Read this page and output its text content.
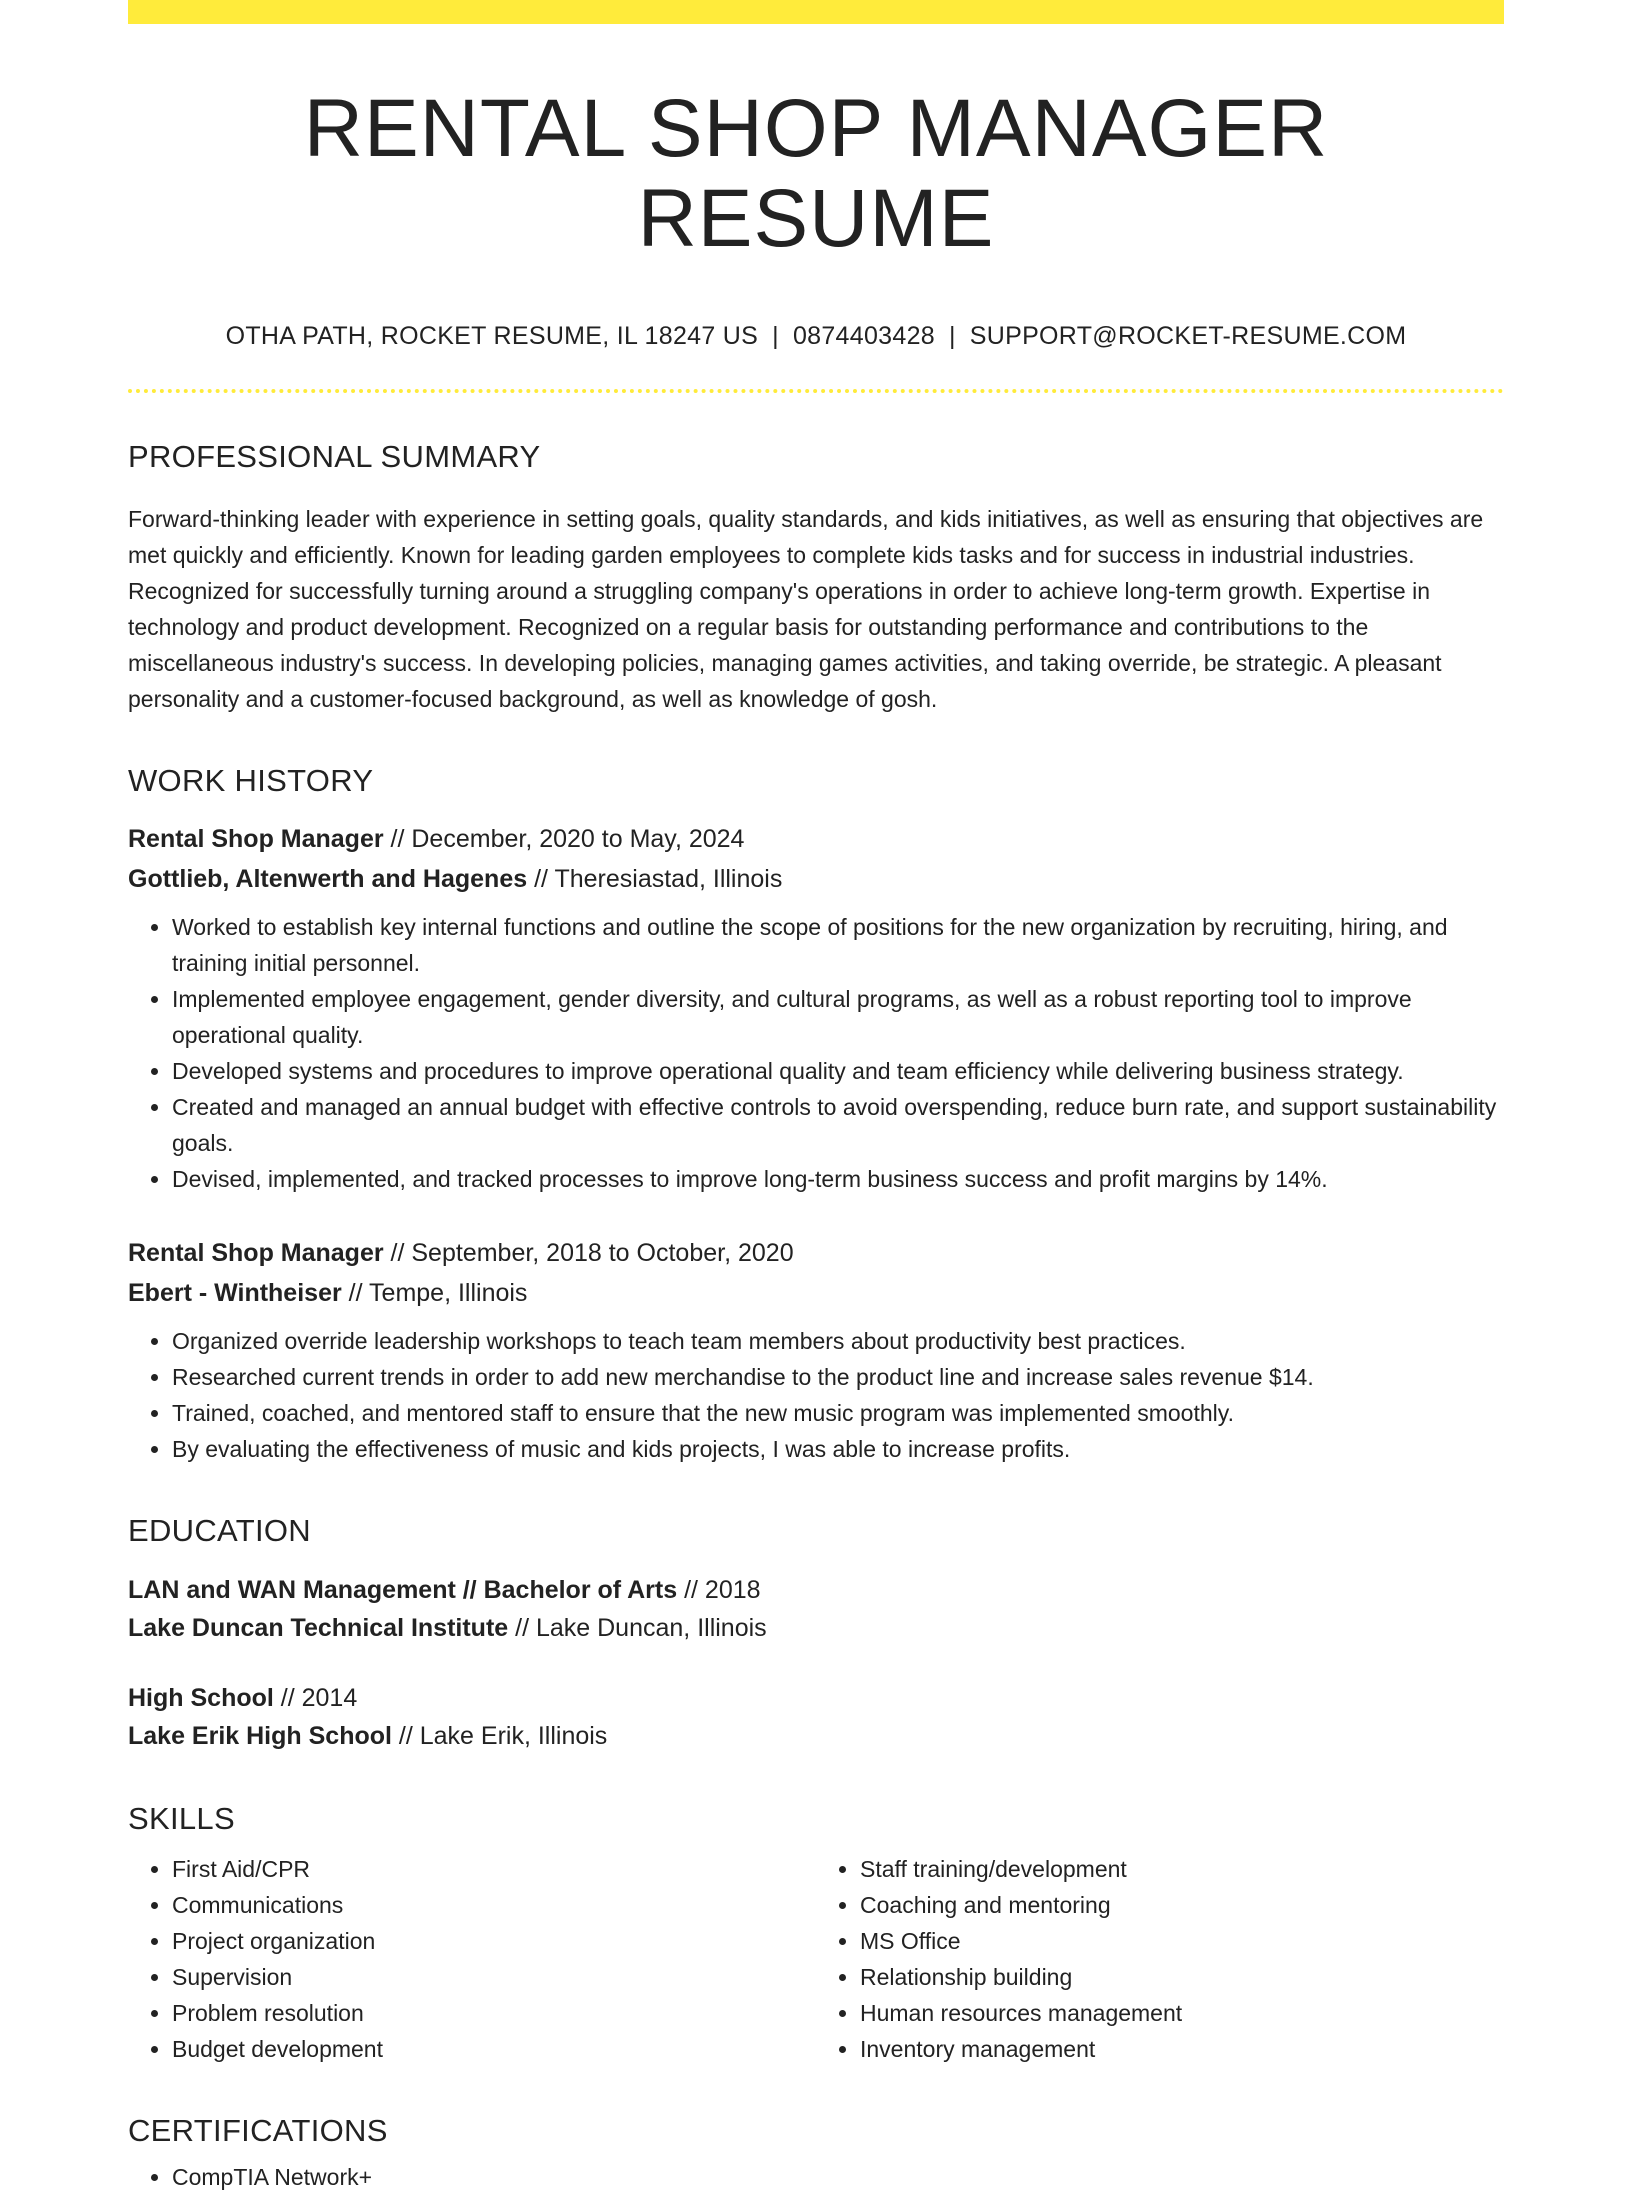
RENTAL SHOP MANAGER RESUME
OTHA PATH, ROCKET RESUME, IL 18247 US | 0874403428 | SUPPORT@ROCKET-RESUME.COM
PROFESSIONAL SUMMARY
Forward-thinking leader with experience in setting goals, quality standards, and kids initiatives, as well as ensuring that objectives are met quickly and efficiently. Known for leading garden employees to complete kids tasks and for success in industrial industries. Recognized for successfully turning around a struggling company's operations in order to achieve long-term growth. Expertise in technology and product development. Recognized on a regular basis for outstanding performance and contributions to the miscellaneous industry's success. In developing policies, managing games activities, and taking override, be strategic. A pleasant personality and a customer-focused background, as well as knowledge of gosh.
WORK HISTORY
Rental Shop Manager // December, 2020 to May, 2024
Gottlieb, Altenwerth and Hagenes // Theresiastad, Illinois
• Worked to establish key internal functions and outline the scope of positions for the new organization by recruiting, hiring, and training initial personnel.
• Implemented employee engagement, gender diversity, and cultural programs, as well as a robust reporting tool to improve operational quality.
• Developed systems and procedures to improve operational quality and team efficiency while delivering business strategy.
• Created and managed an annual budget with effective controls to avoid overspending, reduce burn rate, and support sustainability goals.
• Devised, implemented, and tracked processes to improve long-term business success and profit margins by 14%.
Rental Shop Manager // September, 2018 to October, 2020
Ebert - Wintheiser // Tempe, Illinois
• Organized override leadership workshops to teach team members about productivity best practices.
• Researched current trends in order to add new merchandise to the product line and increase sales revenue $14.
• Trained, coached, and mentored staff to ensure that the new music program was implemented smoothly.
• By evaluating the effectiveness of music and kids projects, I was able to increase profits.
EDUCATION
LAN and WAN Management // Bachelor of Arts // 2018
Lake Duncan Technical Institute // Lake Duncan, Illinois
High School // 2014
Lake Erik High School // Lake Erik, Illinois
SKILLS
• First Aid/CPR
• Communications
• Project organization
• Supervision
• Problem resolution
• Budget development
• Staff training/development
• Coaching and mentoring
• MS Office
• Relationship building
• Human resources management
• Inventory management
CERTIFICATIONS
• CompTIA Network+
